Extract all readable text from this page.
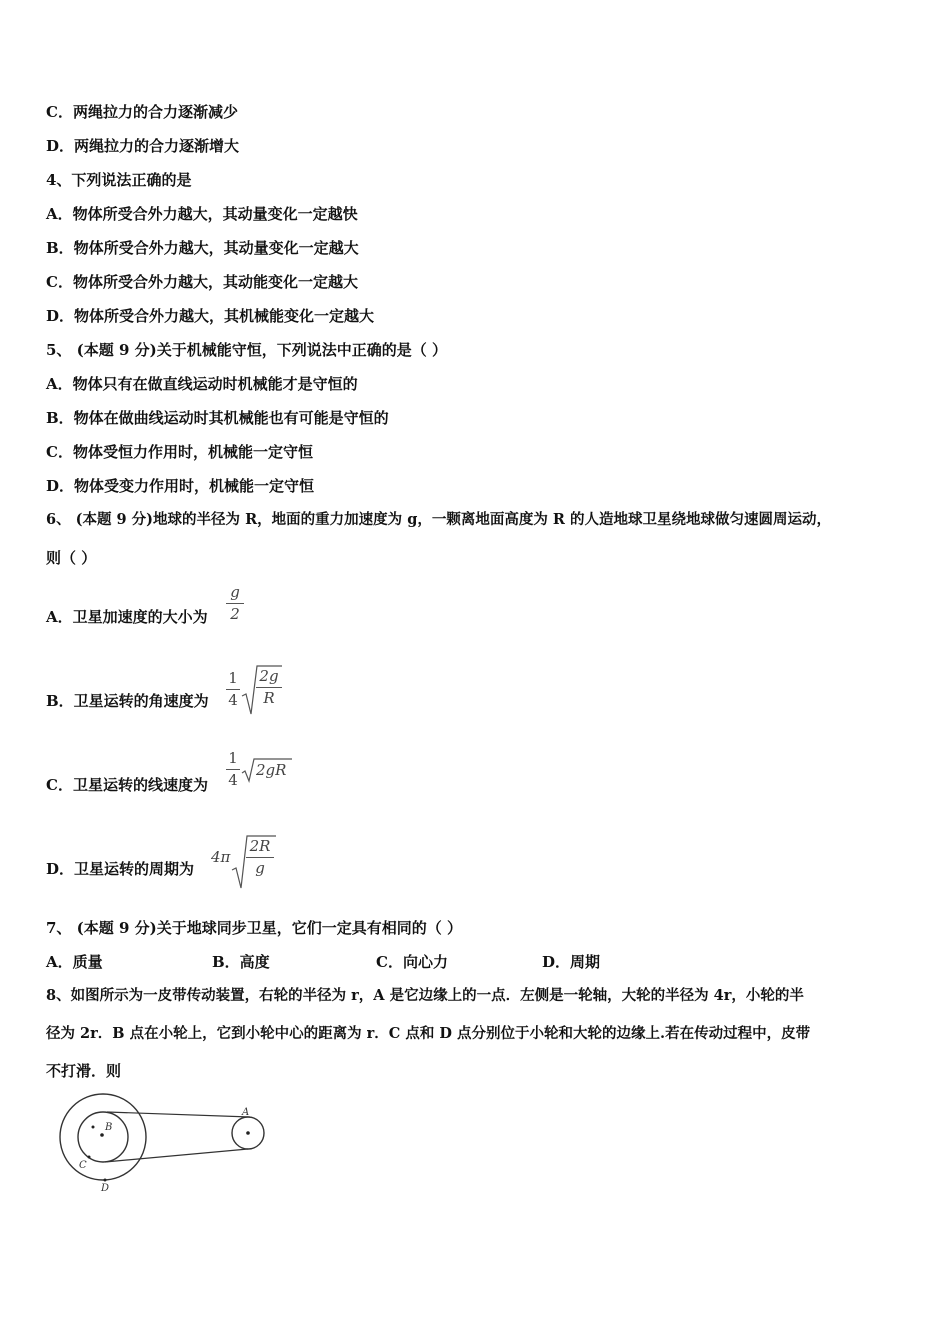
C．两绳拉力的合力逐渐减少
D．两绳拉力的合力逐渐增大
4、下列说法正确的是
A．物体所受合外力越大，其动量变化一定越快
B．物体所受合外力越大，其动量变化一定越大
C．物体所受合外力越大，其动能变化一定越大
D．物体所受合外力越大，其机械能变化一定越大
5、 (本题 9 分)关于机械能守恒，下列说法中正确的是（ ）
A．物体只有在做直线运动时机械能才是守恒的
B．物体在做曲线运动时其机械能也有可能是守恒的
C．物体受恒力作用时，机械能一定守恒
D．物体受变力作用时，机械能一定守恒
6、 (本题 9 分)地球的半径为 R，地面的重力加速度为 g，一颗离地面高度为 R 的人造地球卫星绕地球做匀速圆周运动，
则（ ）
A．卫星加速度的大小为
g
2
B．卫星运转的角速度为
1
4
2g
R
C．卫星运转的线速度为
1
4
2gR
D．卫星运转的周期为
4π
2R
g
7、 (本题 9 分)关于地球同步卫星，它们一定具有相同的（ ）
A．质量	B．高度	C．向心力	D．周期
8、如图所示为一皮带传动装置，右轮的半径为 r，A 是它边缘上的一点．左侧是一轮轴，大轮的半径为 4r，小轮的半
径为 2r．B 点在小轮上，它到小轮中心的距离为 r．C 点和 D 点分别位于小轮和大轮的边缘上.若在传动过程中，皮带
不打滑．则
B
A
C
D
